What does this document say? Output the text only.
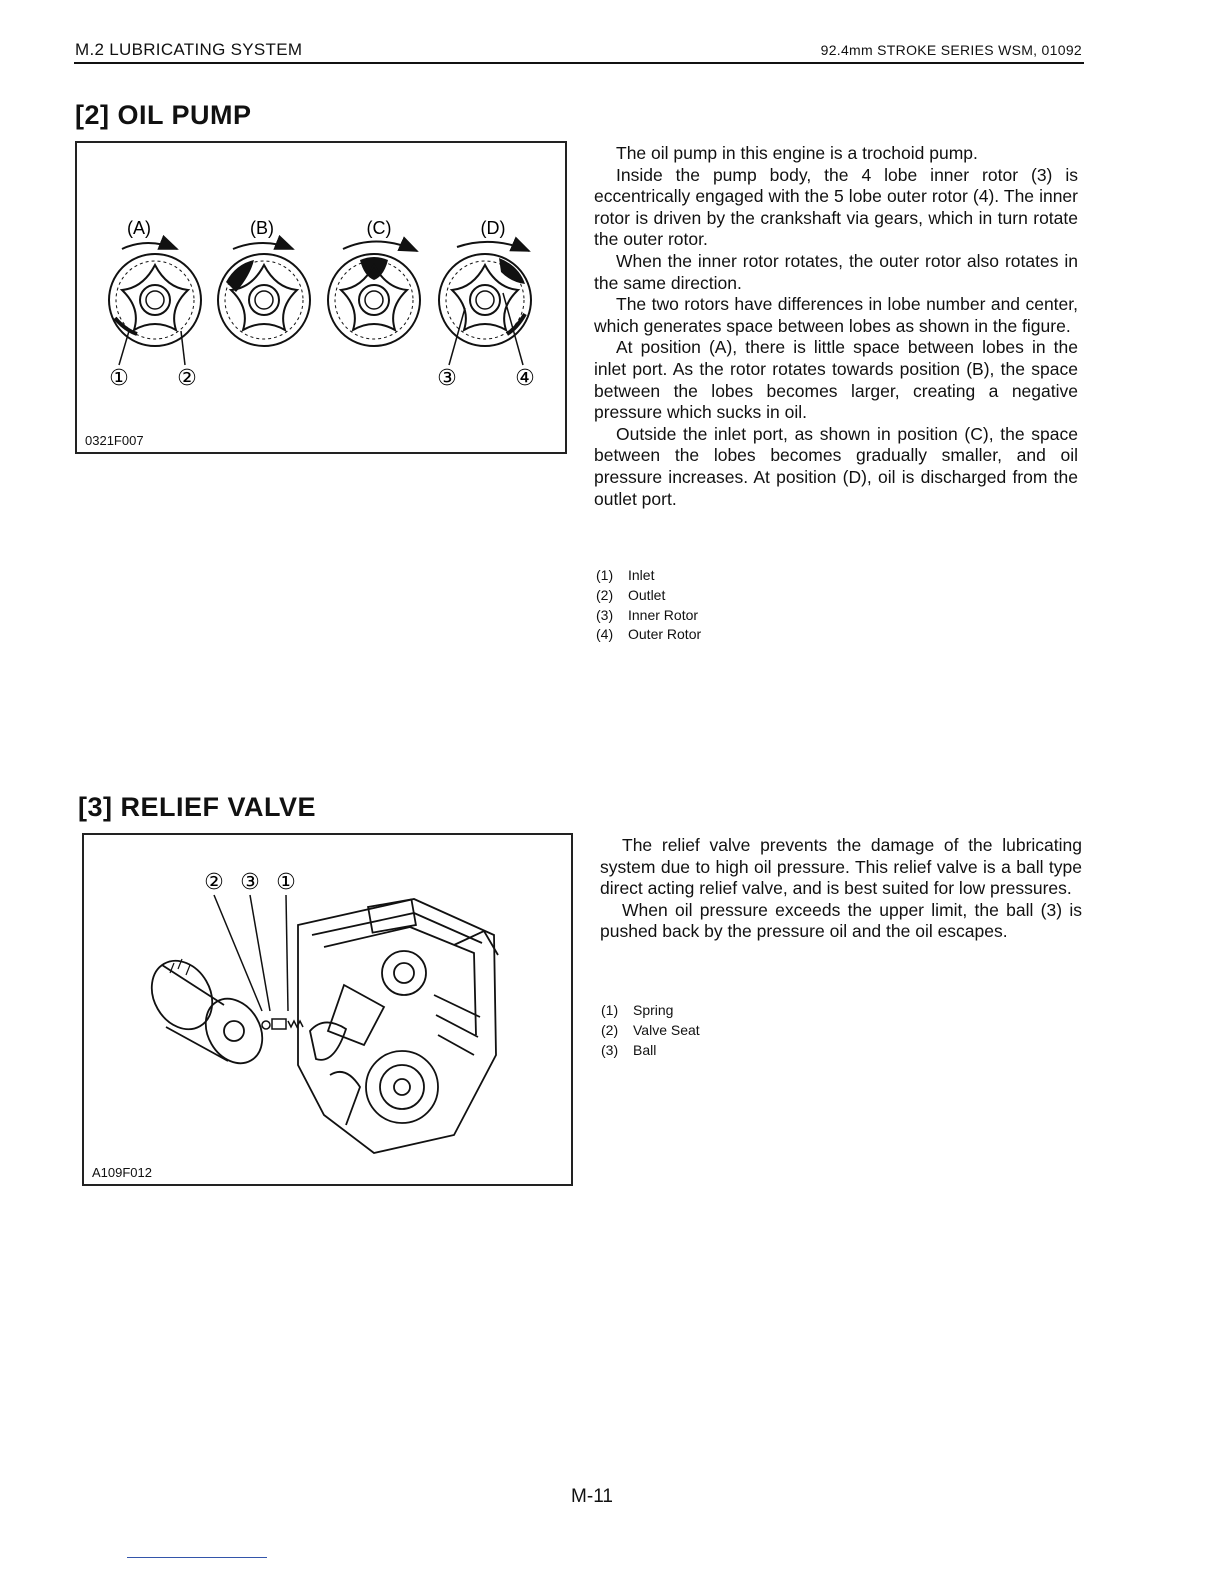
M.2 LUBRICATING SYSTEM	92.4mm STROKE SERIES WSM, 01092
[2] OIL PUMP
(A)	(B)	(C)	(D)
① ②	③	④
0321F007

The oil pump in this engine is a trochoid pump.

Inside the pump body, the 4 lobe inner rotor (3) is eccentrically engaged with the 5 lobe outer rotor (4). The inner rotor is driven by the crankshaft via gears, which in turn rotate the outer rotor.

When the inner rotor rotates, the outer rotor also rotates in the same direction.

The two rotors have differences in lobe number and center, which generates space between lobes as shown in the figure.

At position (A), there is little space between lobes in the inlet port. As the rotor rotates towards position (B), the space between the lobes becomes larger, creating a negative pressure which sucks in oil.

Outside the inlet port, as shown in position (C), the space between the lobes becomes gradually smaller, and oil pressure increases. At position (D), oil is discharged from the outlet port.

(1) Inlet
(2) Outlet
(3) Inner Rotor
(4) Outer Rotor
[3] RELIEF VALVE
② ③ ①
A109F012

The relief valve prevents the damage of the lubricating system due to high oil pressure. This relief valve is a ball type direct acting relief valve, and is best suited for low pressures.

When oil pressure exceeds the upper limit, the ball (3) is pushed back by the pressure oil and the oil escapes.

(1) Spring
(2) Valve Seat
(3) Ball
M-11
